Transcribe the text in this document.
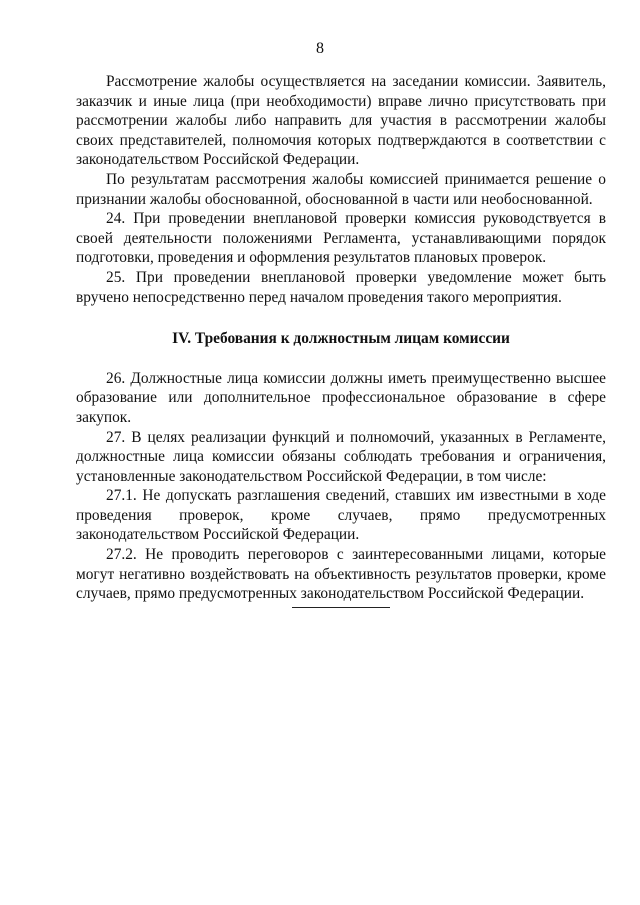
8

Рассмотрение жалобы осуществляется на заседании комиссии. Заявитель, заказчик и иные лица (при необходимости) вправе лично присутствовать при рассмотрении жалобы либо направить для участия в рассмотрении жалобы своих представителей, полномочия которых подтверждаются в соответствии с законодательством Российской Федерации.

По результатам рассмотрения жалобы комиссией принимается решение о признании жалобы обоснованной, обоснованной в части или необоснованной.

24. При проведении внеплановой проверки комиссия руководствуется в своей деятельности положениями Регламента, устанавливающими порядок подготовки, проведения и оформления результатов плановых проверок.

25. При проведении внеплановой проверки уведомление может быть вручено непосредственно перед началом проведения такого мероприятия.

IV. Требования к должностным лицам комиссии

26. Должностные лица комиссии должны иметь преимущественно высшее образование или дополнительное профессиональное образование в сфере закупок.

27. В целях реализации функций и полномочий, указанных в Регламенте, должностные лица комиссии обязаны соблюдать требования и ограничения, установленные законодательством Российской Федерации, в том числе:

27.1. Не допускать разглашения сведений, ставших им известными в ходе проведения проверок, кроме случаев, прямо предусмотренных законодательством Российской Федерации.

27.2. Не проводить переговоров с заинтересованными лицами, которые могут негативно воздействовать на объективность результатов проверки, кроме случаев, прямо предусмотренных законодательством Российской Федерации.
